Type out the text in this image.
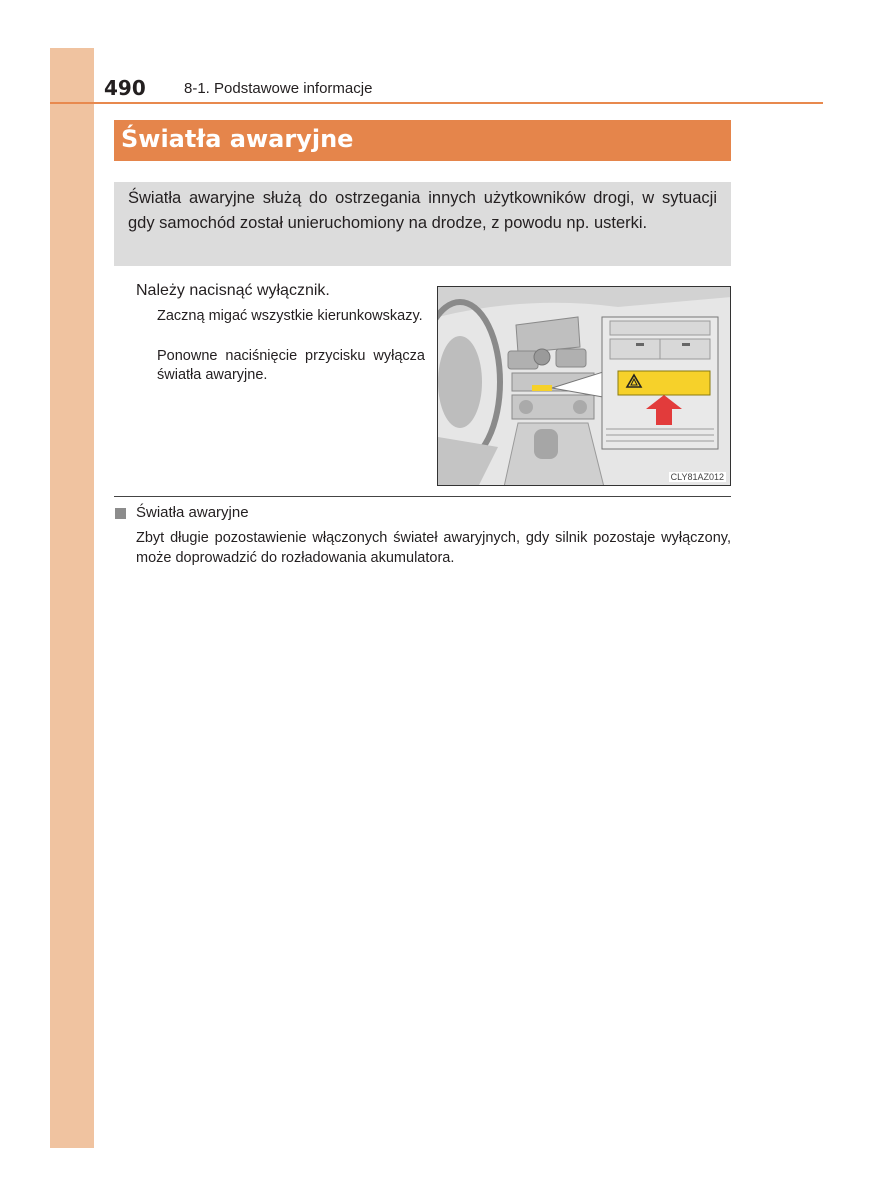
490	8-1. Podstawowe informacje
Światła awaryjne
Światła awaryjne służą do ostrzegania innych użytkowników drogi, w sytuacji gdy samochód został unieruchomiony na drodze, z powodu np. usterki.
Należy nacisnąć wyłącznik.
Zaczną migać wszystkie kierunkowskazy.
Ponowne naciśnięcie przycisku wyłącza światła awaryjne.
CLY81AZ012
Światła awaryjne
Zbyt długie pozostawienie włączonych świateł awaryjnych, gdy silnik pozostaje wyłączony, może doprowadzić do rozładowania akumulatora.
